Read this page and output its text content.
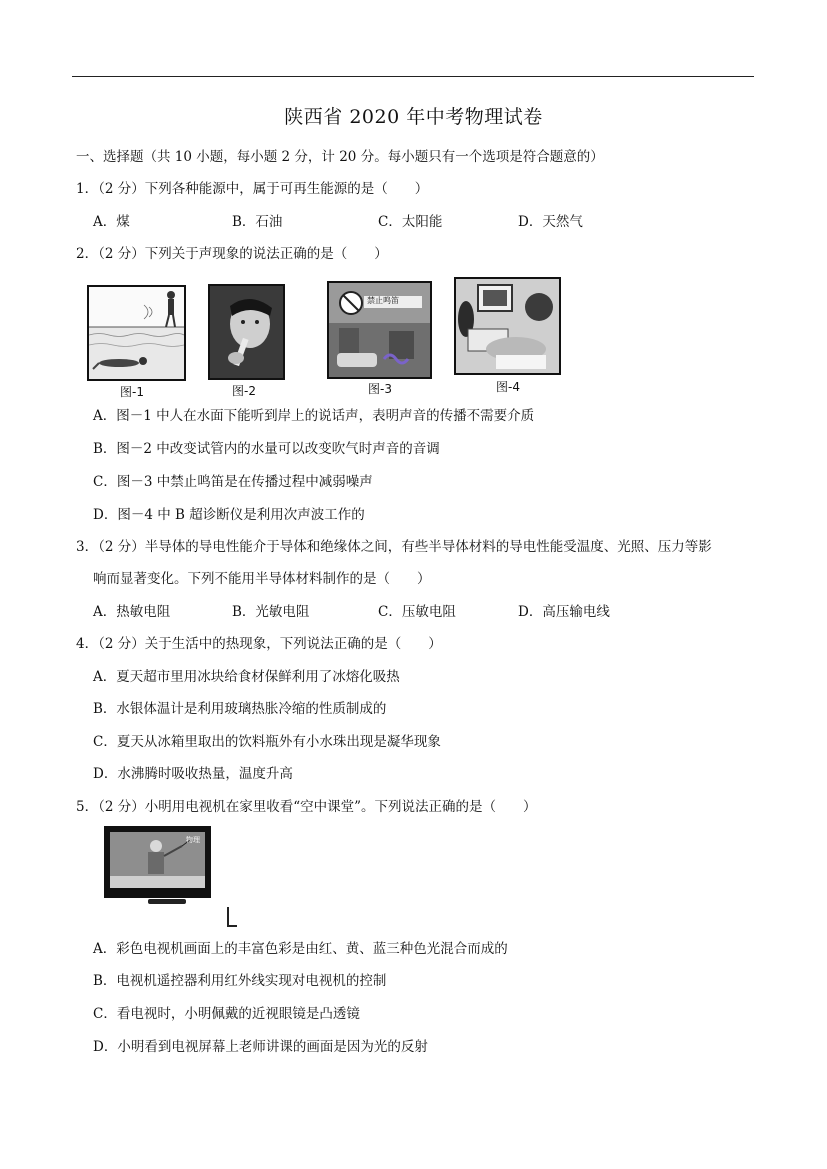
陕西省 2020 年中考物理试卷
一、选择题（共 10 小题，每小题 2 分，计 20 分。每小题只有一个选项是符合题意的）
1．（2 分）下列各种能源中，属于可再生能源的是（　　）
A．煤	B．石油	C．太阳能	D．天然气
2．（2 分）下列关于声现象的说法正确的是（　　）
图-1	图-2
禁止鸣笛
图-3	图-4
A．图－1 中人在水面下能听到岸上的说话声，表明声音的传播不需要介质
B．图－2 中改变试管内的水量可以改变吹气时声音的音调
C．图－3 中禁止鸣笛是在传播过程中减弱噪声
D．图－4 中 B 超诊断仪是利用次声波工作的
3．（2 分）半导体的导电性能介于导体和绝缘体之间，有些半导体材料的导电性能受温度、光照、压力等影
响而显著变化。下列不能用半导体材料制作的是（　　）
A．热敏电阻	B．光敏电阻	C．压敏电阻	D．高压输电线
4．（2 分）关于生活中的热现象，下列说法正确的是（　　）
A．夏天超市里用冰块给食材保鲜利用了冰熔化吸热
B．水银体温计是利用玻璃热胀冷缩的性质制成的
C．夏天从冰箱里取出的饮料瓶外有小水珠出现是凝华现象
D．水沸腾时吸收热量，温度升高
5．（2 分）小明用电视机在家里收看“空中课堂”。下列说法正确的是（　　）
物理
A．彩色电视机画面上的丰富色彩是由红、黄、蓝三种色光混合而成的
B．电视机遥控器利用红外线实现对电视机的控制
C．看电视时，小明佩戴的近视眼镜是凸透镜
D．小明看到电视屏幕上老师讲课的画面是因为光的反射
